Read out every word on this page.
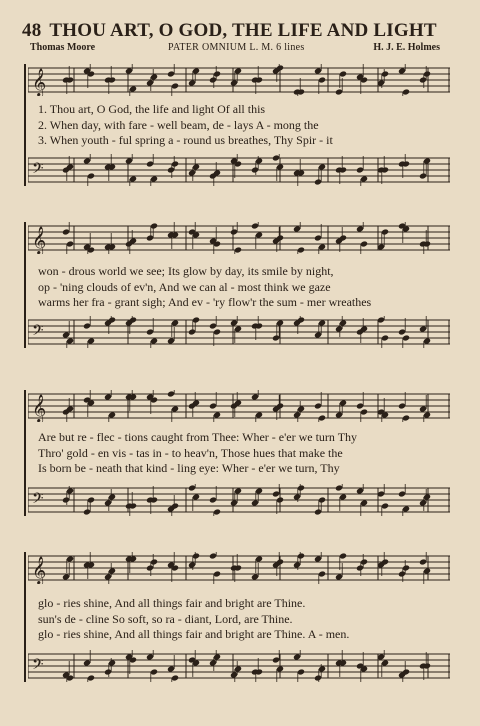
48 THOU ART, O GOD, THE LIFE AND LIGHT
Thomas Moore	PATER OMNIUM L. M. 6 lines	H. J. E. Holmes
𝄞
1. Thou art, O God, the life and light Of all this
2. When day, with fare - well beam, de - lays A - mong the
3. When youth - ful spring a - round us breathes, Thy Spir - it
𝄢
𝄞
won - drous world we see; Its glow by day, its smile by night,
op - 'ning clouds of ev'n, And we can al - most think we gaze
warms her fra - grant sigh; And ev - 'ry flow'r the sum - mer wreathes
𝄢
𝄞
Are but re - flec - tions caught from Thee: Wher - e'er we turn Thy
Thro' gold - en vis - tas in - to heav'n, Those hues that make the
Is born be - neath that kind - ling eye: Wher - e'er we turn, Thy
𝄢
𝄞
glo - ries shine, And all things fair and bright are Thine.
sun's de - cline So soft, so ra - diant, Lord, are Thine.
glo - ries shine, And all things fair and bright are Thine. A - men.
𝄢
